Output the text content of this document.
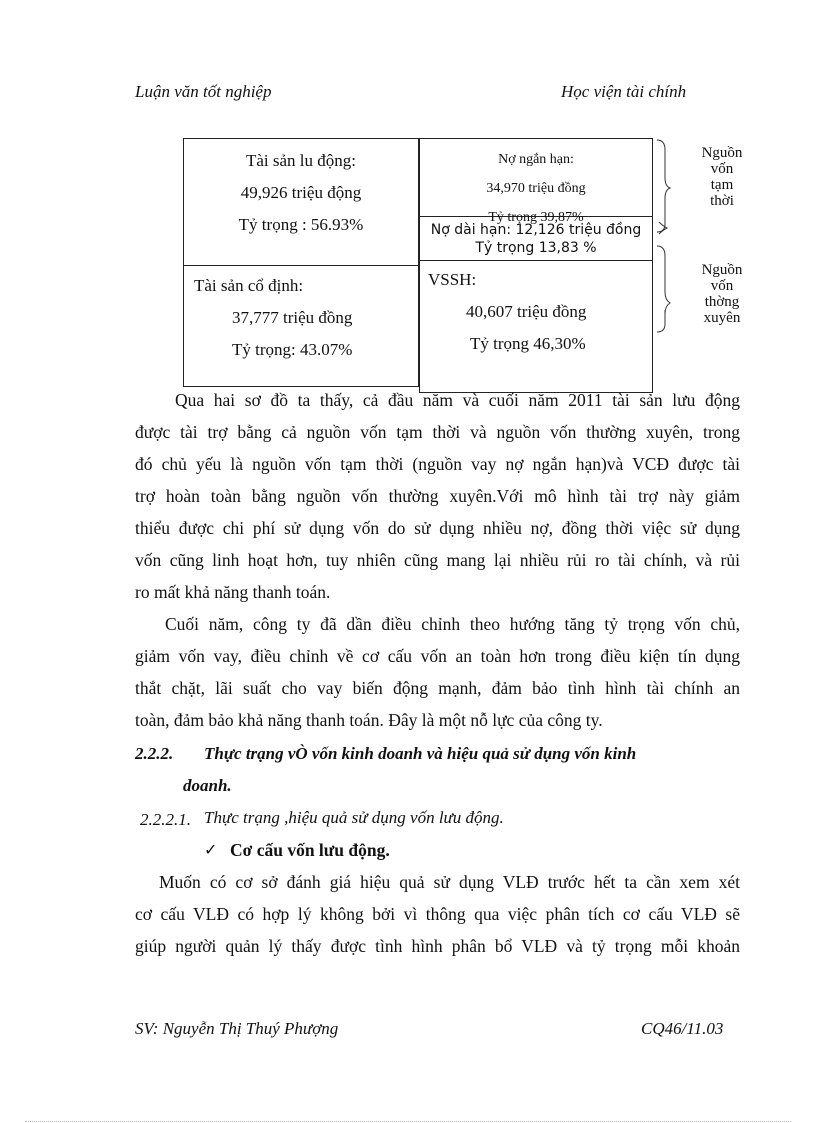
Luận văn tốt nghiệp	Học viện tài chính
Tài sản lu động:
49,926 triệu động
Tỷ trọng : 56.93%
Tài sản cổ định:
37,777 triệu đồng
Tỷ trọng: 43.07%
Nợ ngắn hạn:
34,970 triệu đồng
Tỷ trọng 39,87%
Nợ dài hạn: 12,126 triệu đồng
Tỷ trọng 13,83 %
VSSH:
40,607 triệu đồng
Tỷ trọng 46,30%
Nguồn
vốn
tạm
thời
Nguồn
vốn
thờng
xuyên
Qua hai sơ đồ ta thấy, cả đầu năm và cuối năm 2011 tài sản lưu động
được tài trợ bằng cả nguồn vốn tạm thời và nguồn vốn thường xuyên, trong
đó chủ yếu là nguồn vốn tạm thời (nguồn vay nợ ngắn hạn)và VCĐ được tài
trợ hoàn toàn bằng nguồn vốn thường xuyên.Với mô hình tài trợ này giảm
thiểu được chi phí sử dụng vốn do sử dụng nhiều nợ, đồng thời việc sử dụng
vốn cũng linh hoạt hơn, tuy nhiên cũng mang lại nhiều rủi ro tài chính, và rủi
ro mất khả năng thanh toán.
Cuối năm, công ty đã dần điều chỉnh theo hướng tăng tỷ trọng vốn chủ,
giảm vốn vay, điều chỉnh về cơ cấu vốn an toàn hơn trong điều kiện tín dụng
thắt chặt, lãi suất cho vay biến động mạnh, đảm bảo tình hình tài chính an
toàn, đảm bảo khả năng thanh toán. Đây là một nỗ lực của công ty.
2.2.2. Thực trạng vÒ vốn kinh doanh và hiệu quả sử dụng vốn kinh
doanh.
2.2.2.1. Thực trạng ,hiệu quả sử dụng vốn lưu động.
✓ Cơ cấu vốn lưu động.
Muốn có cơ sở đánh giá hiệu quả sử dụng VLĐ trước hết ta cần xem xét
cơ cấu VLĐ có hợp lý không bởi vì thông qua việc phân tích cơ cấu VLĐ sẽ
giúp người quản lý thấy được tình hình phân bổ VLĐ và tỷ trọng mỗi khoản
SV: Nguyễn Thị Thuý Phượng	CQ46/11.03
